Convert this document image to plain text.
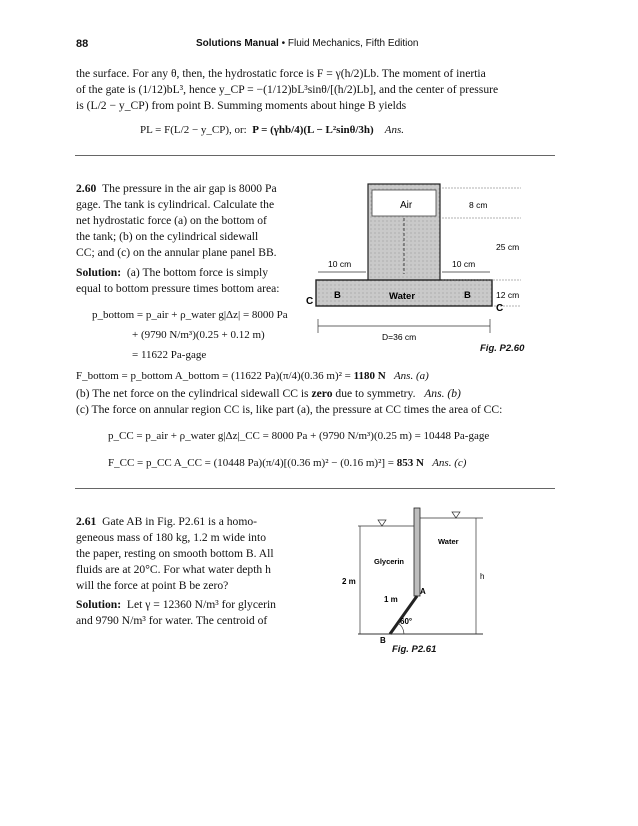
88	Solutions Manual • Fluid Mechanics, Fifth Edition
the surface. For any θ, then, the hydrostatic force is F = γ(h/2)Lb. The moment of inertia
of the gate is (1/12)bL³, hence y_CP = −(1/12)bL³sinθ/[(h/2)Lb], and the center of pressure
is (L/2 − y_CP) from point B. Summing moments about hinge B yields
PL = F(L/2 − y_CP), or: P = (γhb/4)(L − L²sinθ/3h) Ans.
2.60 The pressure in the air gap is 8000 Pa
gage. The tank is cylindrical. Calculate the
net hydrostatic force (a) on the bottom of
the tank; (b) on the cylindrical sidewall
CC; and (c) on the annular plane panel BB.
Solution: (a) The bottom force is simply
equal to bottom pressure times bottom area:
p_bottom = p_air + ρ_water g|Δz| = 8000 Pa
+ (9790 N/m³)(0.25 + 0.12 m)
= 11622 Pa-gage
F_bottom = p_bottom A_bottom = (11622 Pa)(π/4)(0.36 m)² = 1180 N Ans. (a)
(b) The net force on the cylindrical sidewall CC is zero due to symmetry. Ans. (b)
(c) The force on annular region CC is, like part (a), the pressure at CC times the area of CC:
p_CC = p_air + ρ_water g|Δz|_CC = 8000 Pa + (9790 N/m³)(0.25 m) = 10448 Pa-gage
F_CC = p_CC A_CC = (10448 Pa)(π/4)[(0.36 m)² − (0.16 m)²] = 853 N Ans. (c)
Air
Water
8 cm
25 cm
10 cm	10 cm
12 cm
D=36 cm
B	B
C
C
Fig. P2.60
2.61 Gate AB in Fig. P2.61 is a homo-
geneous mass of 180 kg, 1.2 m wide into
the paper, resting on smooth bottom B. All
fluids are at 20°C. For what water depth h
will the force at point B be zero?
Solution: Let γ = 12360 N/m³ for glycerin
and 9790 N/m³ for water. The centroid of
Glycerin
Water
2 m
1 m
h
A
B
60°
Fig. P2.61
